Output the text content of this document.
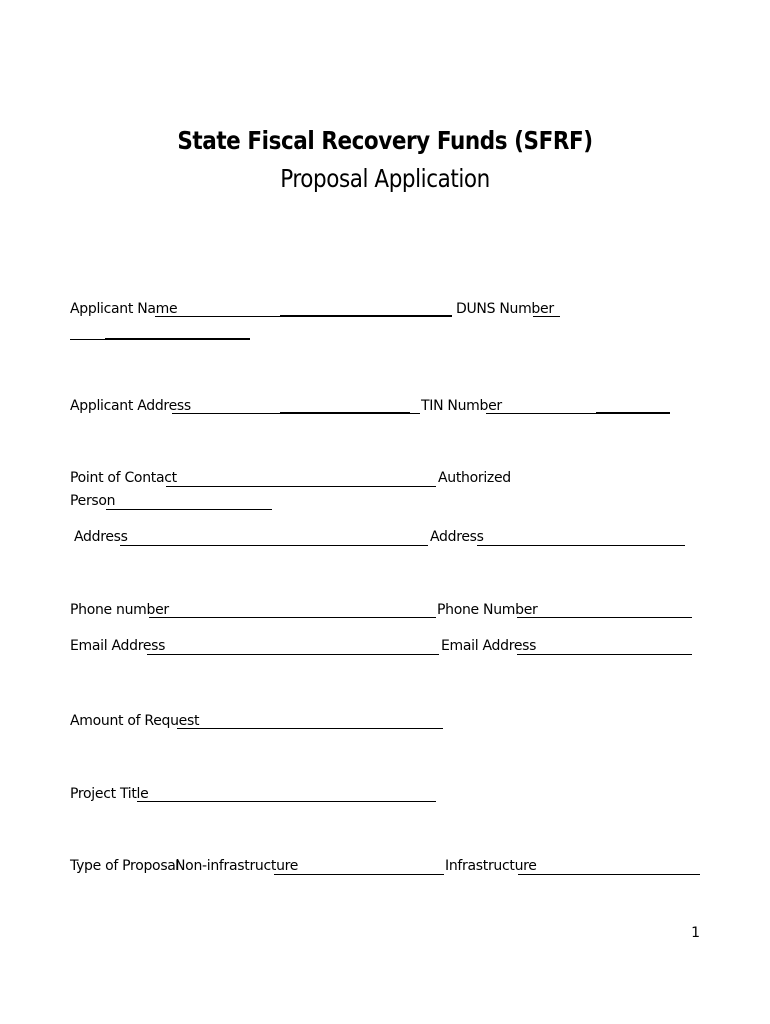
State Fiscal Recovery Funds (SFRF)
Proposal Application
Applicant Name	DUNS Number
Applicant Address	TIN Number
Point of Contact	Authorized
Person
Address	Address
Phone number	Phone Number
Email Address	Email Address
Amount of Request
Project Title
Type of Proposal
Non-infrastructure	Infrastructure
1
